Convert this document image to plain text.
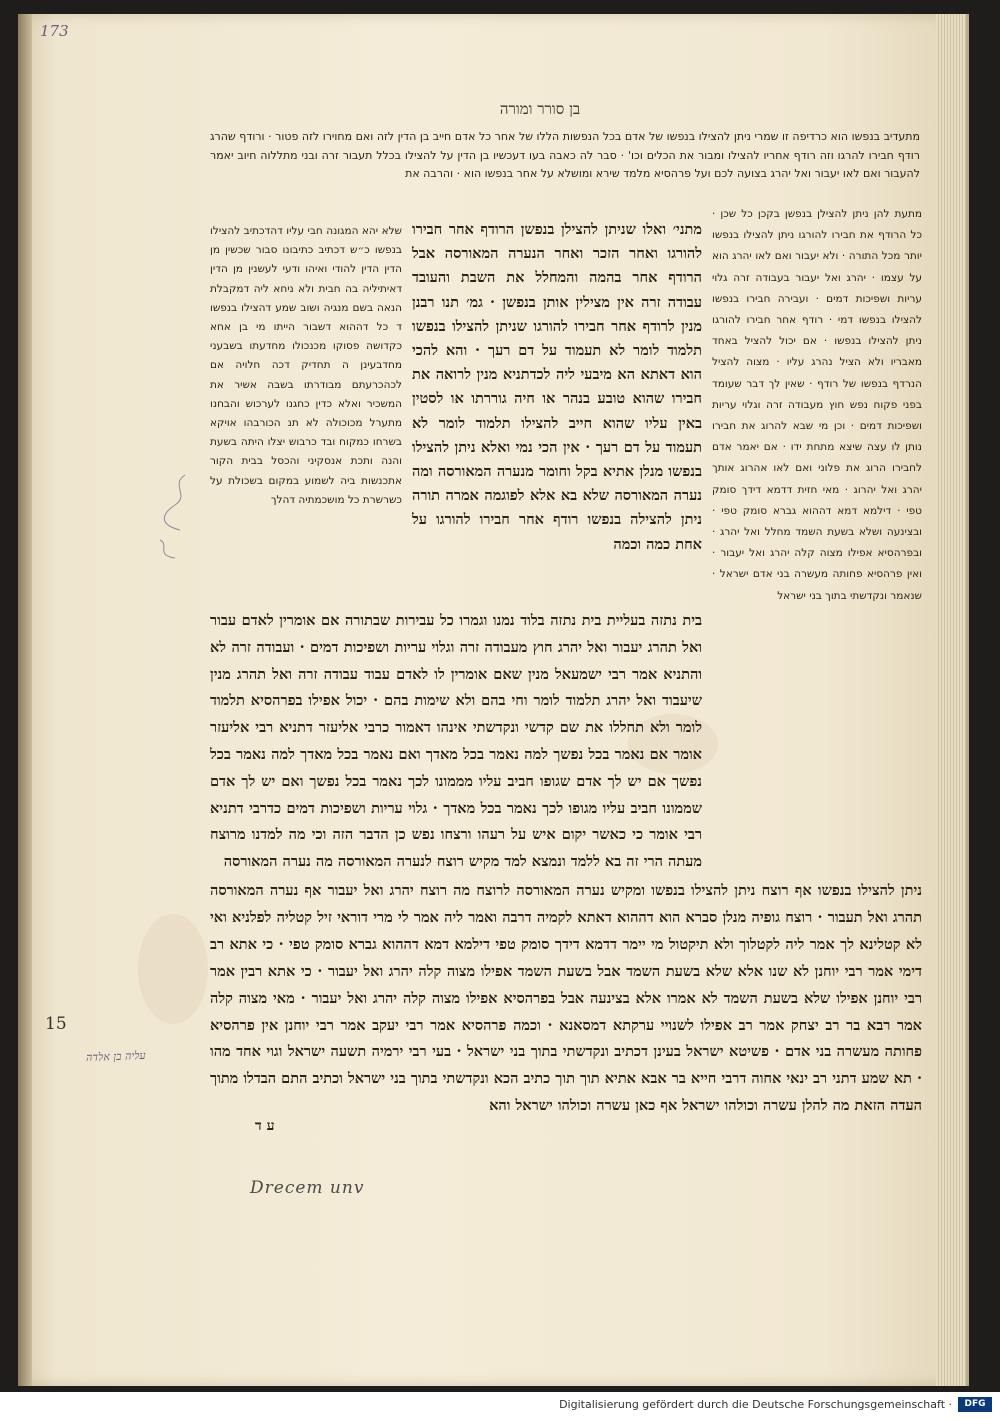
173
בן סורר ומורה
מתעדיב בנפשו הוא כרדיפה זו שמרי ניתן להצילו בנפשו של אדם בכל הנפשות הללו של אחר כל אדם חייב בן הדין לזה ואם מחוירו לזה פטור · ורודף שהרג רודף חבירו להרגו וזה רודף אחריו להצילו ומבור את הכלים וכו' · סבר לה כאבה בעו דעכשיו בן הדין על להצילו בכלל תעבור זרה ובני מתללוה חיוב יאמר להעבור ואם לאו יעבור ואל יהרג בצועה לכם ועל פרהסיא מלמד שירא ומושלא על אחר בנפשו הוא · והרבה את
מתעת להן ניתן להצילן בנפשן בקכן כל שכן · כל הרודף את חבירו להורגו ניתן להצילו בנפשו יותר מכל התורה · ולא יעבור ואם לאו יהרג הוא על עצמו · יהרג ואל יעבור בעבודה זרה גלוי עריות ושפיכות דמים · ועבירה חבירו בנפשו להצילו בנפשו דמי · רודף אחר חבירו להורגו ניתן להצילו בנפשו · אם יכול להציל באחד מאבריו ולא הציל נהרג עליו · מצוה להציל הנרדף בנפשו של רודף · שאין לך דבר שעומד בפני פקוח נפש חוץ מעבודה זרה וגלוי עריות ושפיכות דמים · וכן מי שבא להרוג את חבירו נותן לו עצה שיצא מתחת ידו · אם יאמר אדם לחבירו הרוג את פלוני ואם לאו אהרוג אותך יהרג ואל יהרוג · מאי חזית דדמא דידך סומק טפי · דילמא דמא דההוא גברא סומק טפי · ובצינעה ושלא בשעת השמד מחלל ואל יהרג · ובפרהסיא אפילו מצוה קלה יהרג ואל יעבור · ואין פרהסיא פחותה מעשרה בני אדם ישראל · שנאמר ונקדשתי בתוך בני ישראל
שלא יהא המגונה חבי עליו דהדכתיב להצילו בנפשו כ״ש דכתיב כתיבונו סבור שכשין מן הדין הדין להודי ואיהו ודעי לעשנין מן הדין דאיתיליה בה חבית ולא ניחא ליה דמקבלת הנאה בשם מנגיה ושוב שמע דהצילו בנפשו ד כל דההוא דשבור הייתו מי בן אחא כקדושה פסוקו מכנכולו מחדעתו בשבעני מחדבעינן ה תחדיק דכה חלויה אם לכהכרעתם מבודרתו בשבה אשיר את המשכיר ואלא כדין כחגנו לערכוש והבחנו מתערל מכוכולה לא תנ הכורבהו אויקא בשרחו כמקוח ובד כרבוש יצלו היתה בשעת והנה ותכת אנסקיני והכסל בבית הקור אתכנשות ביה לשמוע במקום בשכולת על כשרשרת כל מושכמתיה דהלך
מתני׳ ואלו שניתן להצילן בנפשן הרודף אחר חבירו להורגו ואחר הזכר ואחר הנערה המאורסה אבל הרודף אחר בהמה והמחלל את השבת והעובד עבודה זרה אין מצילין אותן בנפשן · גמ׳ תנו רבנן מנין לרודף אחר חבירו להורגו שניתן להצילו בנפשו תלמוד לומר לא תעמוד על דם רעך · והא להכי הוא דאתא הא מיבעי ליה לכדתניא מנין לרואה את חבירו שהוא טובע בנהר או חיה גוררתו או לסטין באין עליו שהוא חייב להצילו תלמוד לומר לא תעמוד על דם רעך · אין הכי נמי ואלא ניתן להצילו בנפשו מנלן אתיא בקל וחומר מנערה המאורסה ומה נערה המאורסה שלא בא אלא לפוגמה אמרה תורה ניתן להצילה בנפשו רודף אחר חבירו להורגו על אחת כמה וכמה
בית נתזה בעליית בית נתזה בלוד נמנו וגמרו כל עבירות שבתורה אם אומרין לאדם עבור ואל תהרג יעבור ואל יהרג חוץ מעבודה זרה וגלוי עריות ושפיכות דמים · ועבודה זרה לא והתניא אמר רבי ישמעאל מנין שאם אומרין לו לאדם עבוד עבודה זרה ואל תהרג מנין שיעבוד ואל יהרג תלמוד לומר וחי בהם ולא שימות בהם · יכול אפילו בפרהסיא תלמוד לומר ולא תחללו את שם קדשי ונקדשתי אינהו דאמור כרבי אליעזר דתניא רבי אליעזר אומר אם נאמר בכל נפשך למה נאמר בכל מאדך ואם נאמר בכל מאדך למה נאמר בכל נפשך אם יש לך אדם שגופו חביב עליו מממונו לכך נאמר בכל נפשך ואם יש לך אדם שממונו חביב עליו מגופו לכך נאמר בכל מאדך · גלוי עריות ושפיכות דמים כדרבי דתניא רבי אומר כי כאשר יקום איש על רעהו ורצחו נפש כן הדבר הזה וכי מה למדנו מרוצח מעתה הרי זה בא ללמד ונמצא למד מקיש רוצח לנערה המאורסה מה נערה המאורסה
ניתן להצילו בנפשו אף רוצח ניתן להצילו בנפשו ומקיש נערה המאורסה לרוצח מה רוצח יהרג ואל יעבור אף נערה המאורסה תהרג ואל תעבור · רוצח גופיה מנלן סברא הוא דההוא דאתא לקמיה דרבה ואמר ליה אמר לי מרי דוראי זיל קטליה לפלניא ואי לא קטלינא לך אמר ליה לקטלוך ולא תיקטול מי יימר דדמא דידך סומק טפי דילמא דמא דההוא גברא סומק טפי · כי אתא רב דימי אמר רבי יוחנן לא שנו אלא שלא בשעת השמד אבל בשעת השמד אפילו מצוה קלה יהרג ואל יעבור · כי אתא רבין אמר רבי יוחנן אפילו שלא בשעת השמד לא אמרו אלא בצינעה אבל בפרהסיא אפילו מצוה קלה יהרג ואל יעבור · מאי מצוה קלה אמר רבא בר רב יצחק אמר רב אפילו לשנויי ערקתא דמסאנא · וכמה פרהסיא אמר רבי יעקב אמר רבי יוחנן אין פרהסיא פחותה מעשרה בני אדם · פשיטא ישראל בעינן דכתיב ונקדשתי בתוך בני ישראל · בעי רבי ירמיה תשעה ישראל וגוי אחד מהו · תא שמע דתני רב ינאי אחוה דרבי חייא בר אבא אתיא תוך תוך כתיב הכא ונקדשתי בתוך בני ישראל וכתיב התם הבדלו מתוך העדה הזאת מה להלן עשרה וכולהו ישראל אף כאן עשרה וכולהו ישראל והא
ע ד
15
עליה בן אלדה
Drecem unv
Digitalisierung gefördert durch die Deutsche Forschungsgemeinschaft ·	DFG
